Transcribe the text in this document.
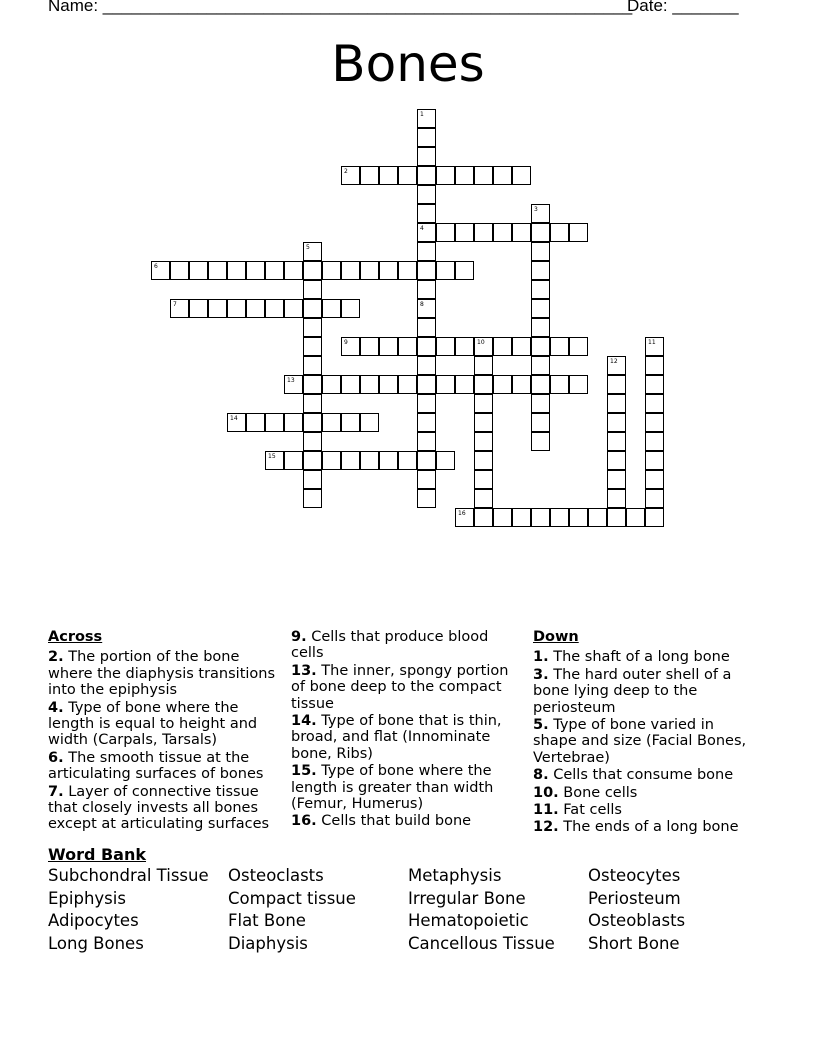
Name: ________________________________________________________
Date: _______
Bones
1
4
8
2
3
5
6
7
9	10	11
12
13
14
15
16
Across
2. The portion of the bone where the diaphysis transitions into the epiphysis
4. Type of bone where the length is equal to height and width (Carpals, Tarsals)
6. The smooth tissue at the articulating surfaces of bones
7. Layer of connective tissue that closely invests all bones except at articulating surfaces
9. Cells that produce blood cells
13. The inner, spongy portion of bone deep to the compact tissue
14. Type of bone that is thin, broad, and flat (Innominate bone, Ribs)
15. Type of bone where the length is greater than width (Femur, Humerus)
16. Cells that build bone
Down
1. The shaft of a long bone
3. The hard outer shell of a bone lying deep to the periosteum
5. Type of bone varied in shape and size (Facial Bones, Vertebrae)
8. Cells that consume bone
10. Bone cells
11. Fat cells
12. The ends of a long bone
Word Bank
Subchondral Tissue	Osteoclasts	Metaphysis	Osteocytes
Epiphysis	Compact tissue	Irregular Bone	Periosteum
Adipocytes	Flat Bone	Hematopoietic	Osteoblasts
Long Bones	Diaphysis	Cancellous Tissue	Short Bone
